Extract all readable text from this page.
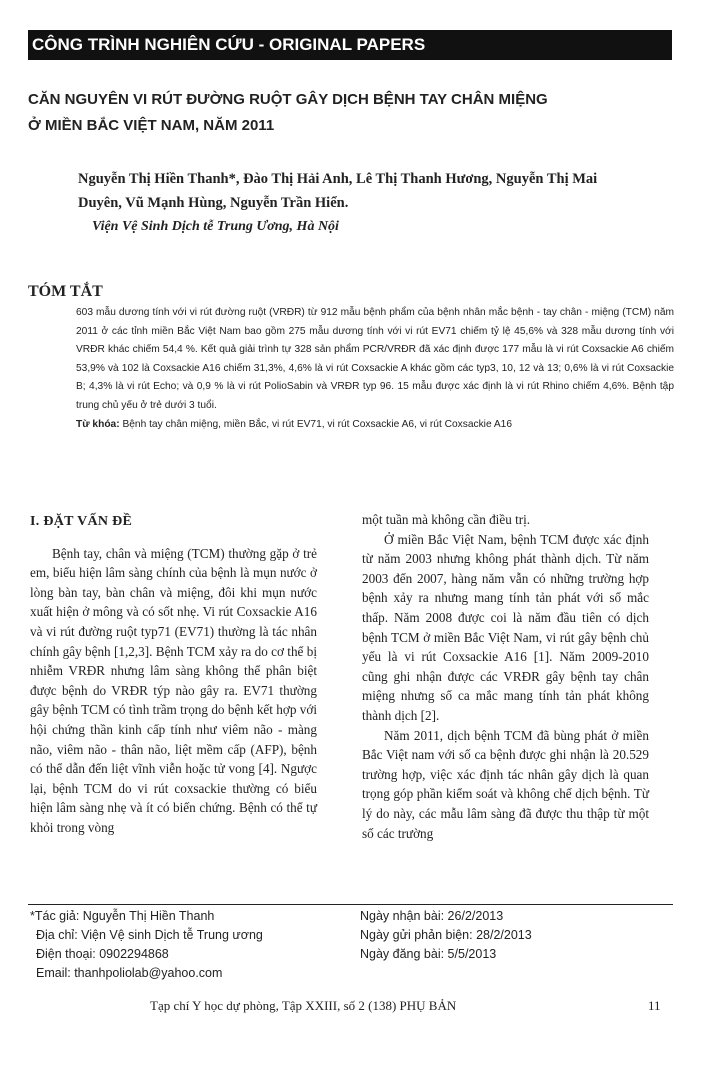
CÔNG TRÌNH NGHIÊN CỨU - ORIGINAL PAPERS
CĂN NGUYÊN VI RÚT ĐƯỜNG RUỘT GÂY DỊCH BỆNH TAY CHÂN MIỆNG
Ở MIỀN BẮC VIỆT NAM, NĂM 2011
Nguyễn Thị Hiền Thanh*, Đào Thị Hải Anh, Lê Thị Thanh Hương, Nguyễn Thị Mai
Duyên, Vũ Mạnh Hùng, Nguyễn Trần Hiển.
Viện Vệ Sinh Dịch tễ Trung Ương, Hà Nội
TÓM TẮT

603 mẫu dương tính với vi rút đường ruột (VRĐR) từ 912 mẫu bệnh phẩm của bệnh nhân mắc bệnh - tay chân - miệng (TCM) năm 2011 ở các tỉnh miền Bắc Việt Nam bao gồm 275 mẫu dương tính với vi rút EV71 chiếm tỷ lệ 45,6% và 328 mẫu dương tính với VRĐR khác chiếm 54,4 %. Kết quả giải trình tự 328 sản phẩm PCR/VRĐR đã xác định được 177 mẫu là vi rút Coxsackie A6 chiếm 53,9% và 102 là Coxsackie A16 chiếm 31,3%, 4,6% là vi rút Coxsackie A khác gồm các typ3, 10, 12 và 13; 0,6% là vi rút Coxsackie B; 4,3% là vi rút Echo; và 0,9 % là vi rút PolioSabin và VRĐR typ 96. 15 mẫu được xác định là vi rút Rhino chiếm 4,6%. Bệnh tập trung chủ yếu ở trẻ dưới 3 tuổi.

Từ khóa: Bệnh tay chân miệng, miền Bắc, vi rút EV71, vi rút Coxsackie A6, vi rút Coxsackie A16

I. ĐẶT VẤN ĐỀ

Bệnh tay, chân và miệng (TCM) thường gặp ở trẻ em, biểu hiện lâm sàng chính của bệnh là mụn nước ở lòng bàn tay, bàn chân và miệng, đôi khi mụn nước xuất hiện ở mông và có sốt nhẹ. Vi rút Coxsackie A16 và vi rút đường ruột typ71 (EV71) thường là tác nhân chính gây bệnh [1,2,3]. Bệnh TCM xảy ra do cơ thể bị nhiễm VRĐR nhưng lâm sàng không thể phân biệt được bệnh do VRĐR týp nào gây ra. EV71 thường gây bệnh TCM có tình trầm trọng do bệnh kết hợp với hội chứng thần kinh cấp tính như viêm não - màng não, viêm não - thân não, liệt mềm cấp (AFP), bệnh có thể dẫn đến liệt vĩnh viễn hoặc tử vong [4]. Ngược lại, bệnh TCM do vi rút coxsackie thường có biểu hiện lâm sàng nhẹ và ít có biến chứng. Bệnh có thể tự khỏi trong vòng

một tuần mà không cần điều trị.

Ở miền Bắc Việt Nam, bệnh TCM được xác định từ năm 2003 nhưng không phát thành dịch. Từ năm 2003 đến 2007, hàng năm vẫn có những trường hợp bệnh xảy ra nhưng mang tính tản phát với số mắc thấp. Năm 2008 được coi là năm đầu tiên có dịch bệnh TCM ở miền Bắc Việt Nam, vi rút gây bệnh chủ yếu là vi rút Coxsackie A16 [1]. Năm 2009-2010 cũng ghi nhận được các VRĐR gây bệnh tay chân miệng nhưng số ca mắc mang tính tản phát không thành dịch [2].

Năm 2011, dịch bệnh TCM đã bùng phát ở miền Bắc Việt nam với số ca bệnh được ghi nhận là 20.529 trường hợp, việc xác định tác nhân gây dịch là quan trọng góp phần kiểm soát và không chế dịch bệnh. Từ lý do này, các mẫu lâm sàng đã được thu thập từ một số các trường

*Tác giả: Nguyễn Thị Hiền Thanh
Địa chỉ: Viện Vệ sinh Dịch tễ Trung ương
Điện thoại: 0902294868
Email: thanhpoliolab@yahoo.com
Ngày nhận bài: 26/2/2013
Ngày gửi phản biện: 28/2/2013
Ngày đăng bài: 5/5/2013
Tạp chí Y học dự phòng, Tập XXIII, số 2 (138) PHỤ BẢN	11
